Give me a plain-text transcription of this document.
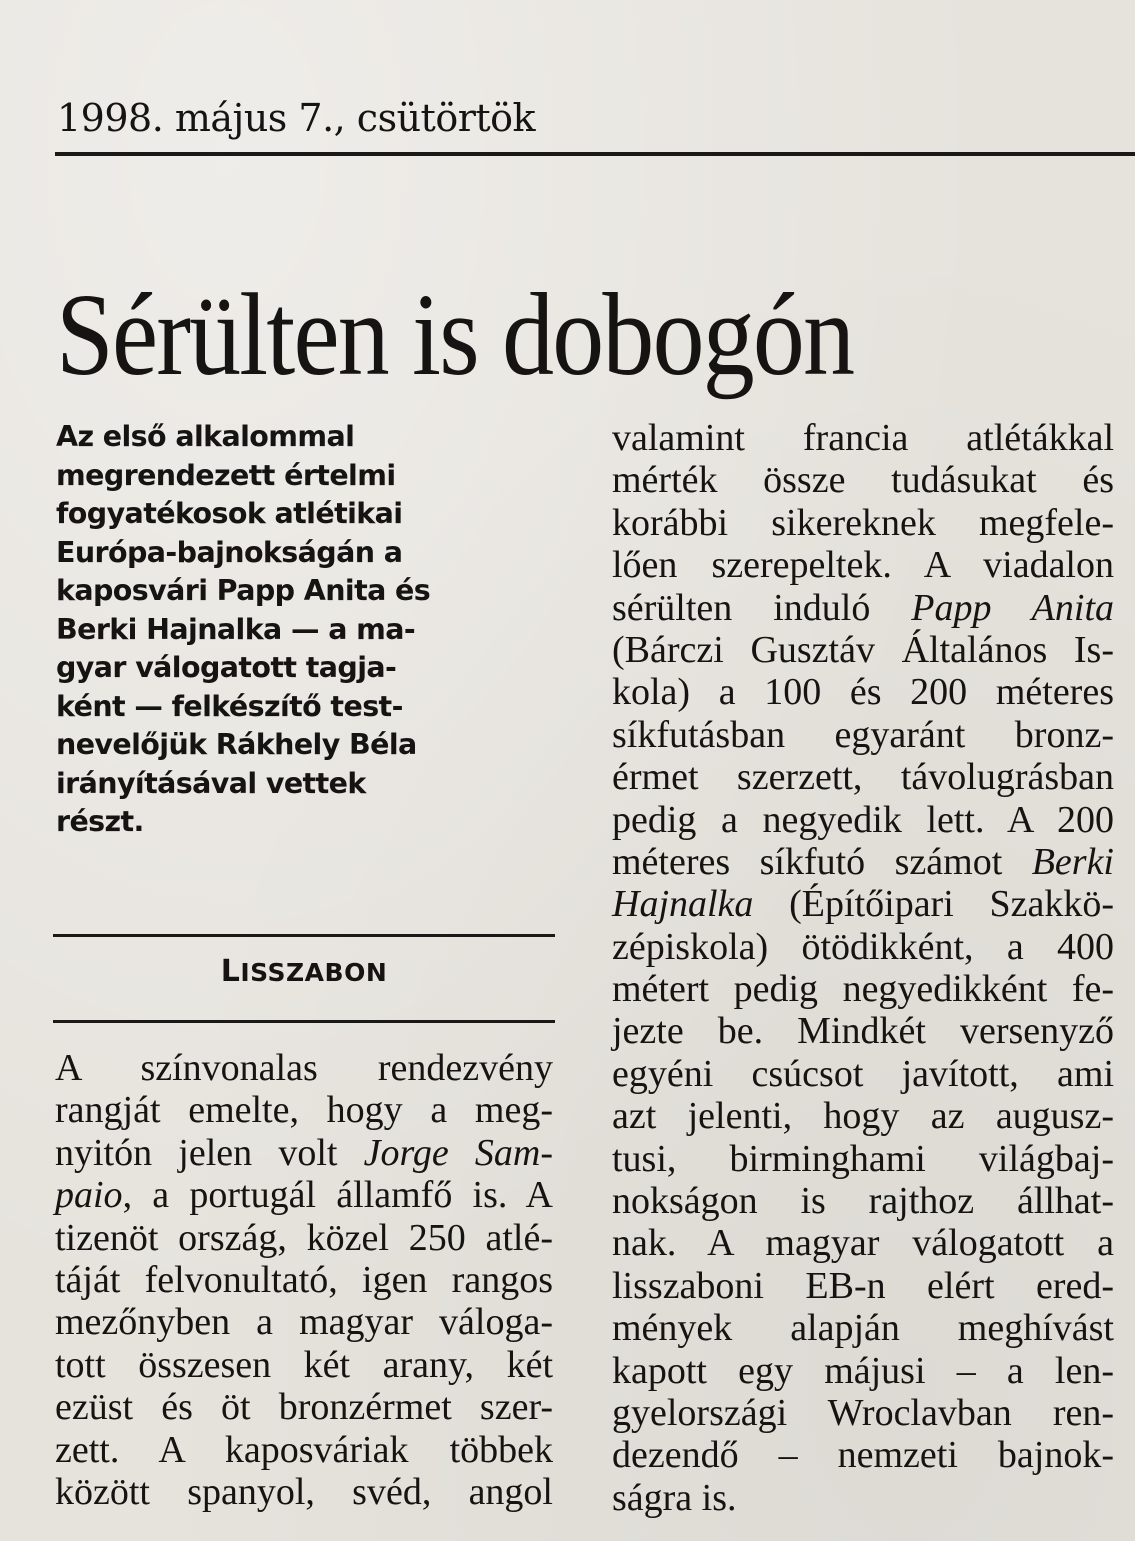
1998. május 7., csütörtök
Sérülten is dobogón
Az első alkalommal
megrendezett értelmi
fogyatékosok atlétikai
Európa-bajnokságán a
kaposvári Papp Anita és
Berki Hajnalka — a ma-
gyar válogatott tagja-
ként — felkészítő test-
nevelőjük Rákhely Béla
irányításával vettek
részt.
LISSZABON
A színvonalas rendezvény
rangját emelte, hogy a meg-
nyitón jelen volt Jorge Sam-
paio, a portugál államfő is. A
tizenöt ország, közel 250 atlé-
táját felvonultató, igen rangos
mezőnyben a magyar váloga-
tott összesen két arany, két
ezüst és öt bronzérmet szer-
zett. A kaposváriak többek
között spanyol, svéd, angol
valamint francia atlétákkal
mérték össze tudásukat és
korábbi sikereknek megfele-
lően szerepeltek. A viadalon
sérülten induló Papp Anita
(Bárczi Gusztáv Általános Is-
kola) a 100 és 200 méteres
síkfutásban egyaránt bronz-
érmet szerzett, távolugrásban
pedig a negyedik lett. A 200
méteres síkfutó számot Berki
Hajnalka (Építőipari Szakkö-
zépiskola) ötödikként, a 400
métert pedig negyedikként fe-
jezte be. Mindkét versenyző
egyéni csúcsot javított, ami
azt jelenti, hogy az augusz-
tusi, birminghami világbaj-
nokságon is rajthoz állhat-
nak. A magyar válogatott a
lisszaboni EB-n elért ered-
mények alapján meghívást
kapott egy májusi – a len-
gyelországi Wroclavban ren-
dezendő – nemzeti bajnok-
ságra is.
